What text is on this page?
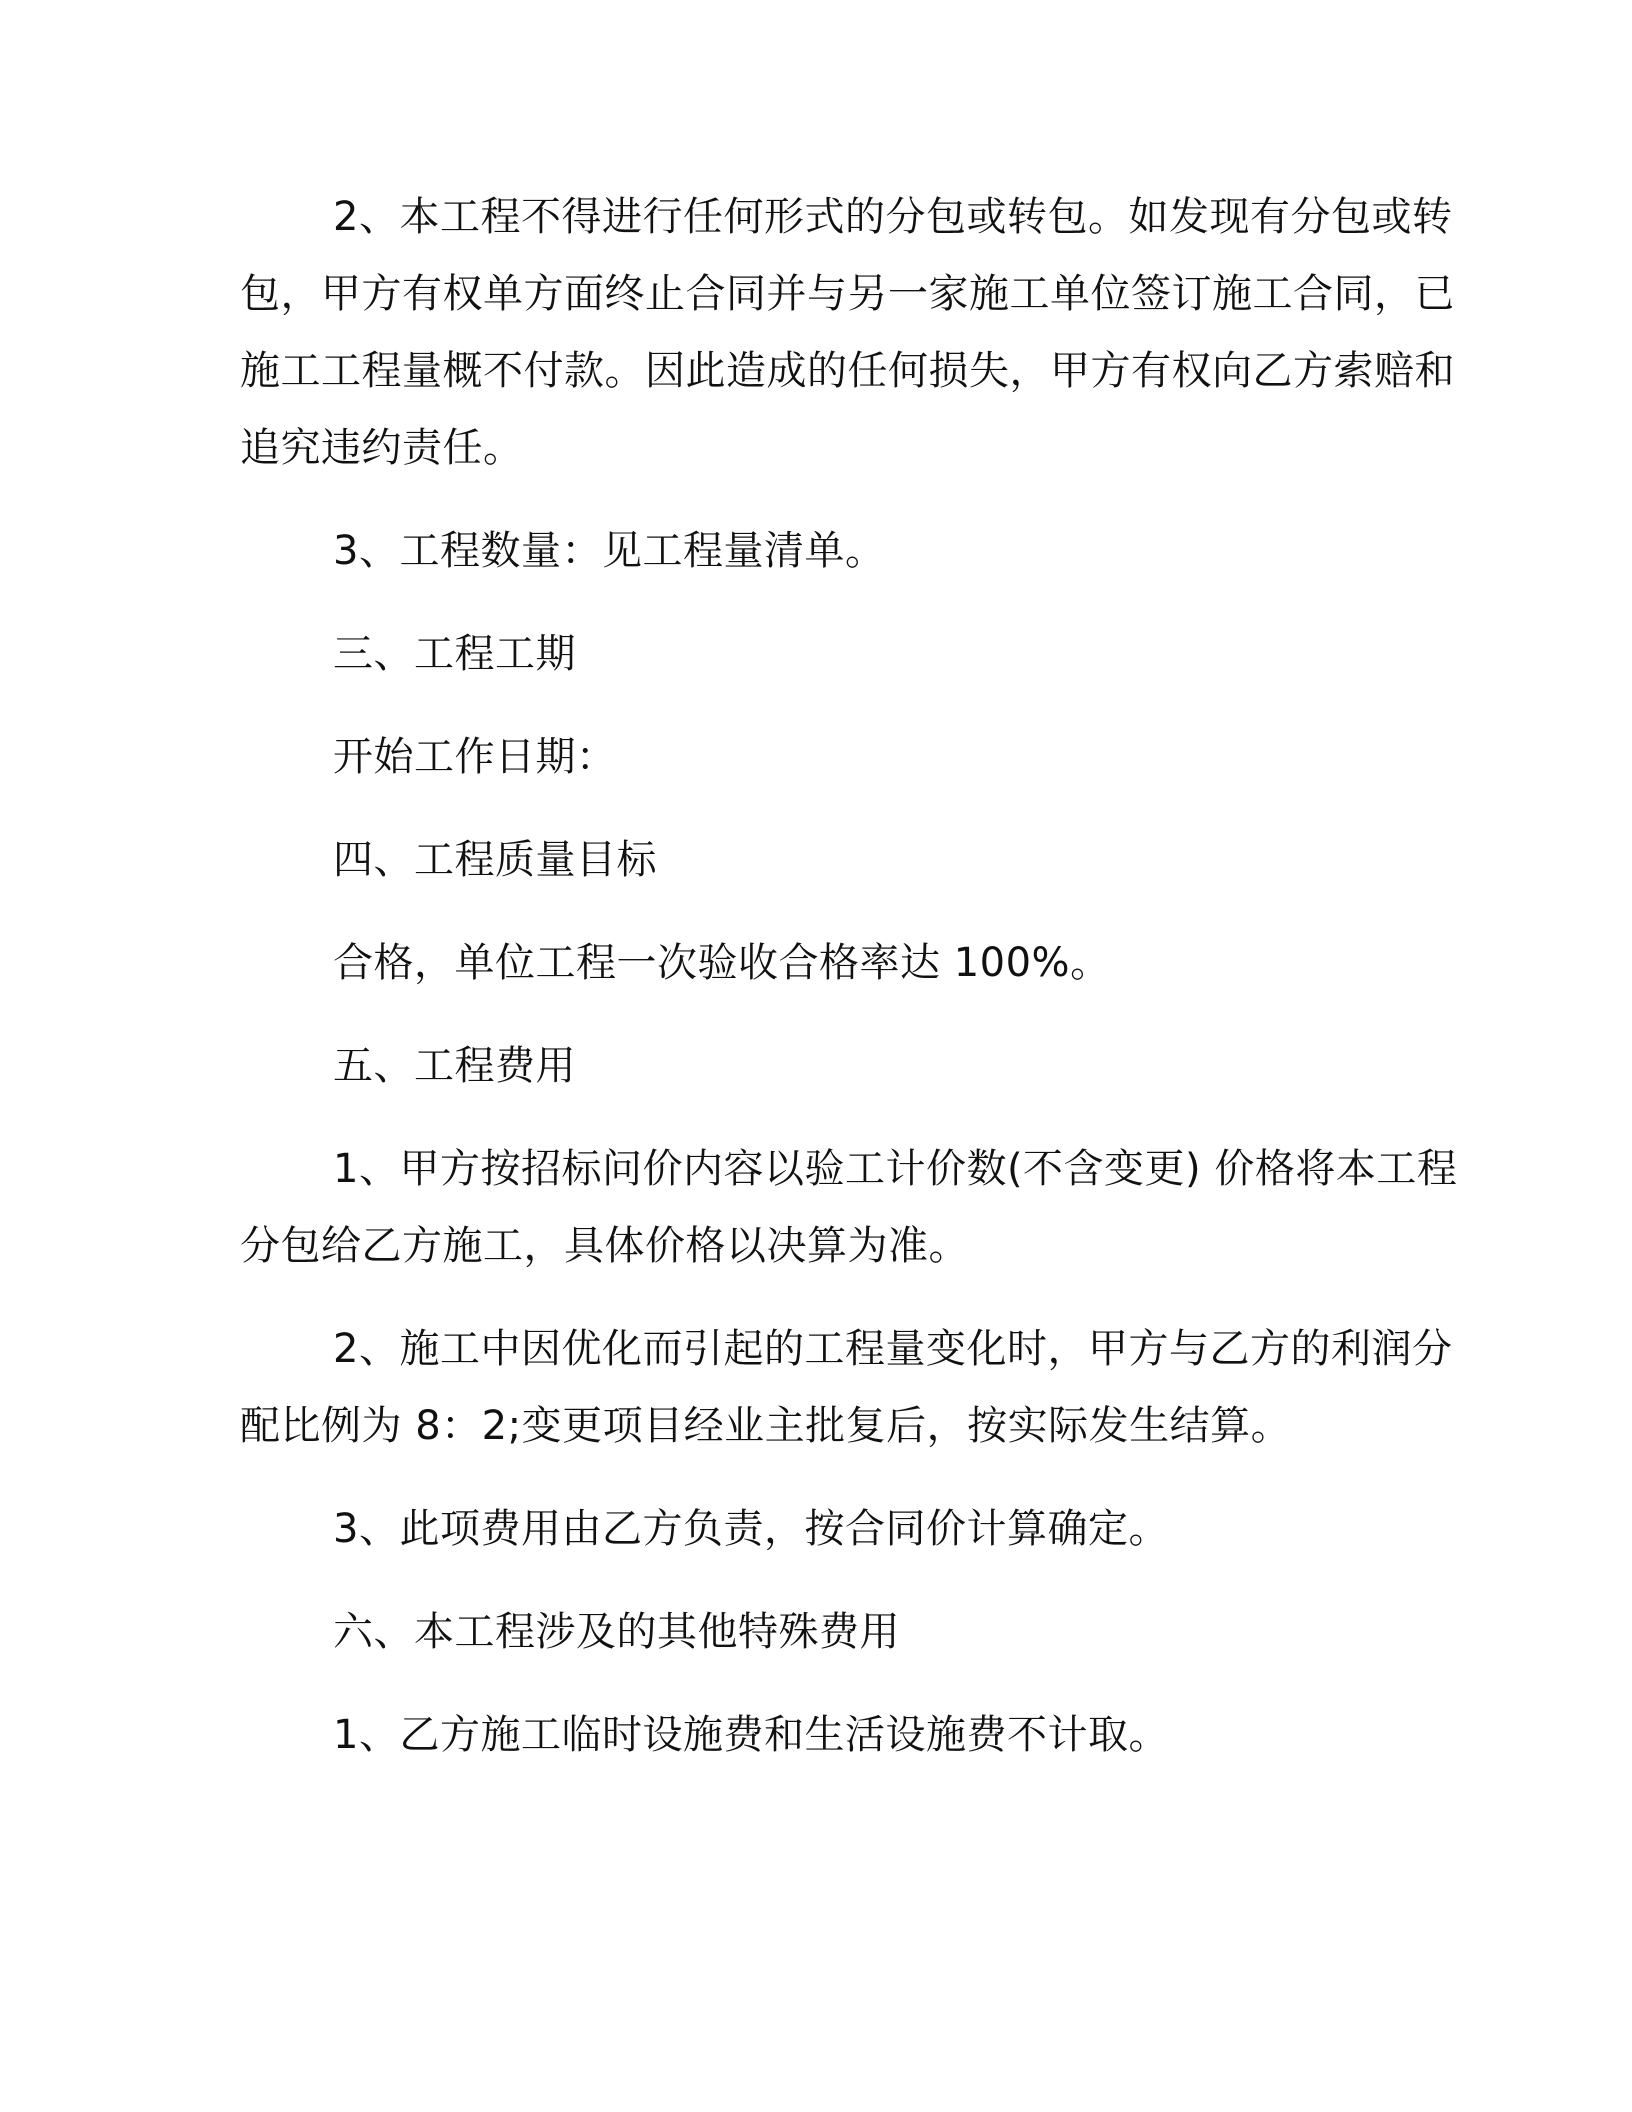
2、本工程不得进行任何形式的分包或转包。如发现有分包或转
包，甲方有权单方面终止合同并与另一家施工单位签订施工合同，已
施工工程量概不付款。因此造成的任何损失，甲方有权向乙方索赔和
追究违约责任。
3、工程数量：见工程量清单。
三、工程工期
开始工作日期：
四、工程质量目标
合格，单位工程一次验收合格率达 100%。
五、工程费用
1、甲方按招标问价内容以验工计价数(不含变更) 价格将本工程
分包给乙方施工，具体价格以决算为准。
2、施工中因优化而引起的工程量变化时，甲方与乙方的利润分
配比例为 8：2;变更项目经业主批复后，按实际发生结算。
3、此项费用由乙方负责，按合同价计算确定。
六、本工程涉及的其他特殊费用
1、乙方施工临时设施费和生活设施费不计取。
